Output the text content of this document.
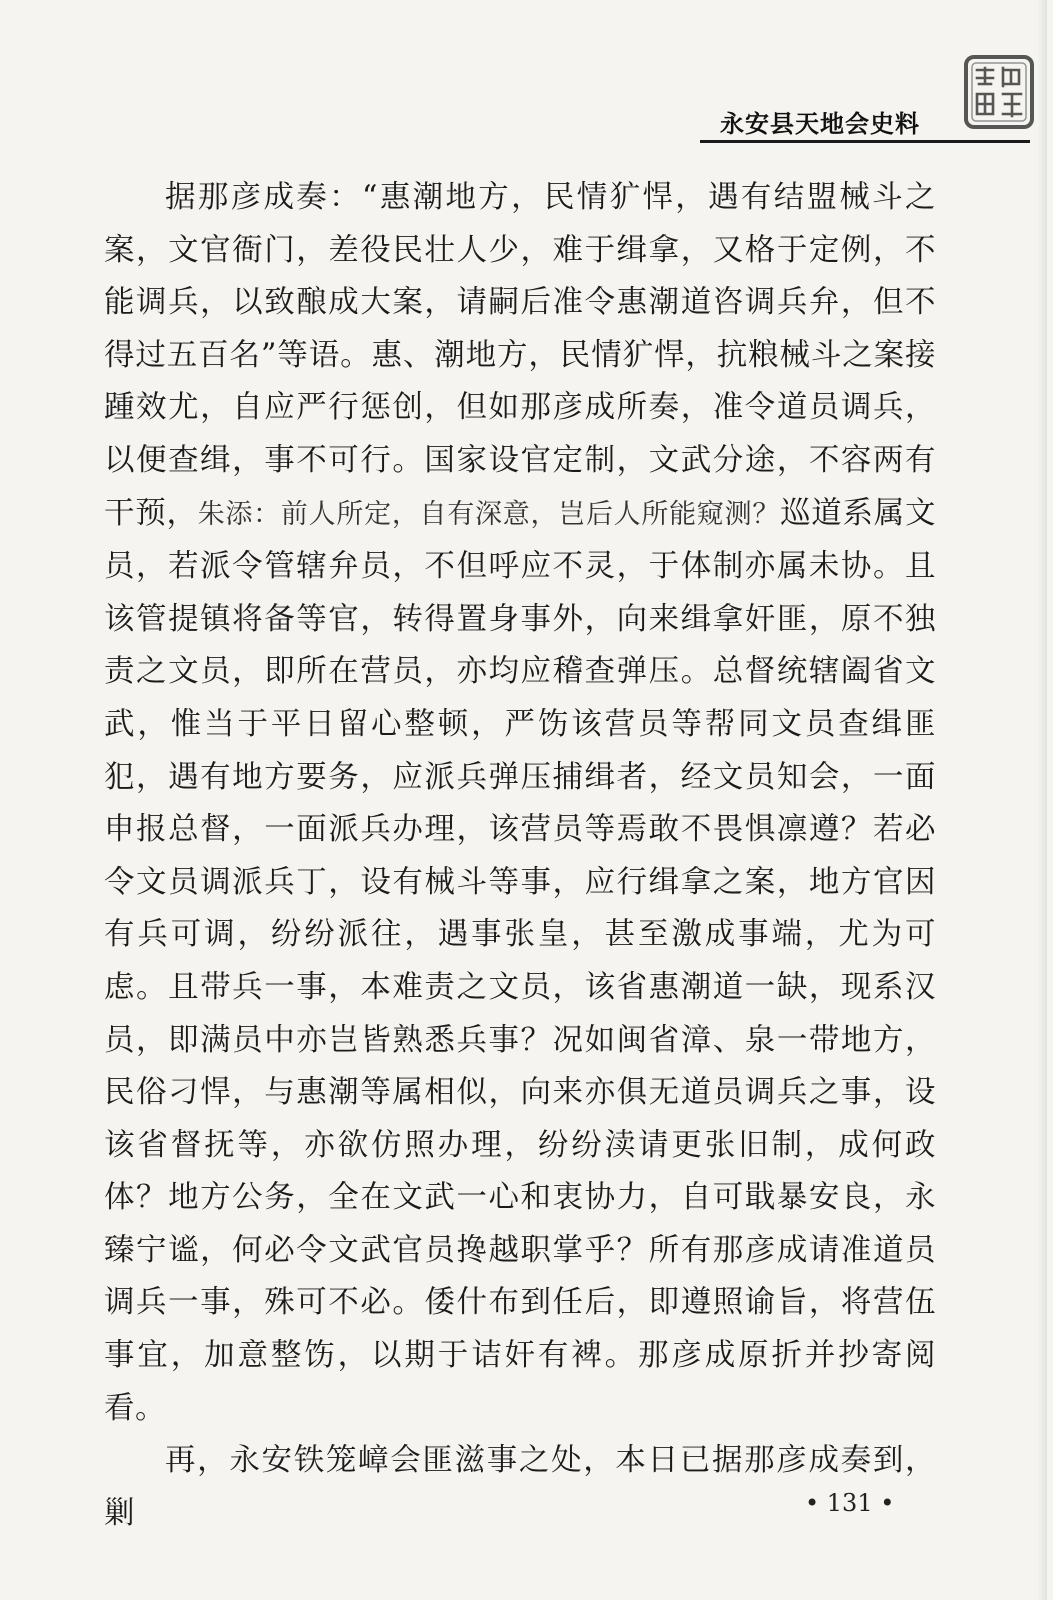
永安县天地会史料

据那彦成奏：“惠潮地方，民情犷悍，遇有结盟械斗之案，文官衙门，差役民壮人少，难于缉拿，又格于定例，不能调兵，以致酿成大案，请嗣后准令惠潮道咨调兵弁，但不得过五百名”等语。惠、潮地方，民情犷悍，抗粮械斗之案接踵效尤，自应严行惩创，但如那彦成所奏，准令道员调兵，以便查缉，事不可行。国家设官定制，文武分途，不容两有干预，朱添：前人所定，自有深意，岂后人所能窥测？巡道系属文员，若派令管辖弁员，不但呼应不灵，于体制亦属未协。且该管提镇将备等官，转得置身事外，向来缉拿奸匪，原不独责之文员，即所在营员，亦均应稽查弹压。总督统辖阖省文武，惟当于平日留心整顿，严饬该营员等帮同文员查缉匪犯，遇有地方要务，应派兵弹压捕缉者，经文员知会，一面申报总督，一面派兵办理，该营员等焉敢不畏惧凛遵？若必令文员调派兵丁，设有械斗等事，应行缉拿之案，地方官因有兵可调，纷纷派往，遇事张皇，甚至激成事端，尤为可虑。且带兵一事，本难责之文员，该省惠潮道一缺，现系汉员，即满员中亦岂皆熟悉兵事？况如闽省漳、泉一带地方，民俗刁悍，与惠潮等属相似，向来亦俱无道员调兵之事，设该省督抚等，亦欲仿照办理，纷纷渎请更张旧制，成何政体？地方公务，全在文武一心和衷协力，自可戢暴安良，永臻宁谧，何必令文武官员搀越职掌乎？所有那彦成请准道员调兵一事，殊可不必。倭什布到任后，即遵照谕旨，将营伍事宜，加意整饬，以期于诘奸有裨。那彦成原折并抄寄阅看。

再，永安铁笼嶂会匪滋事之处，本日已据那彦成奏到，剿	• 131 •
